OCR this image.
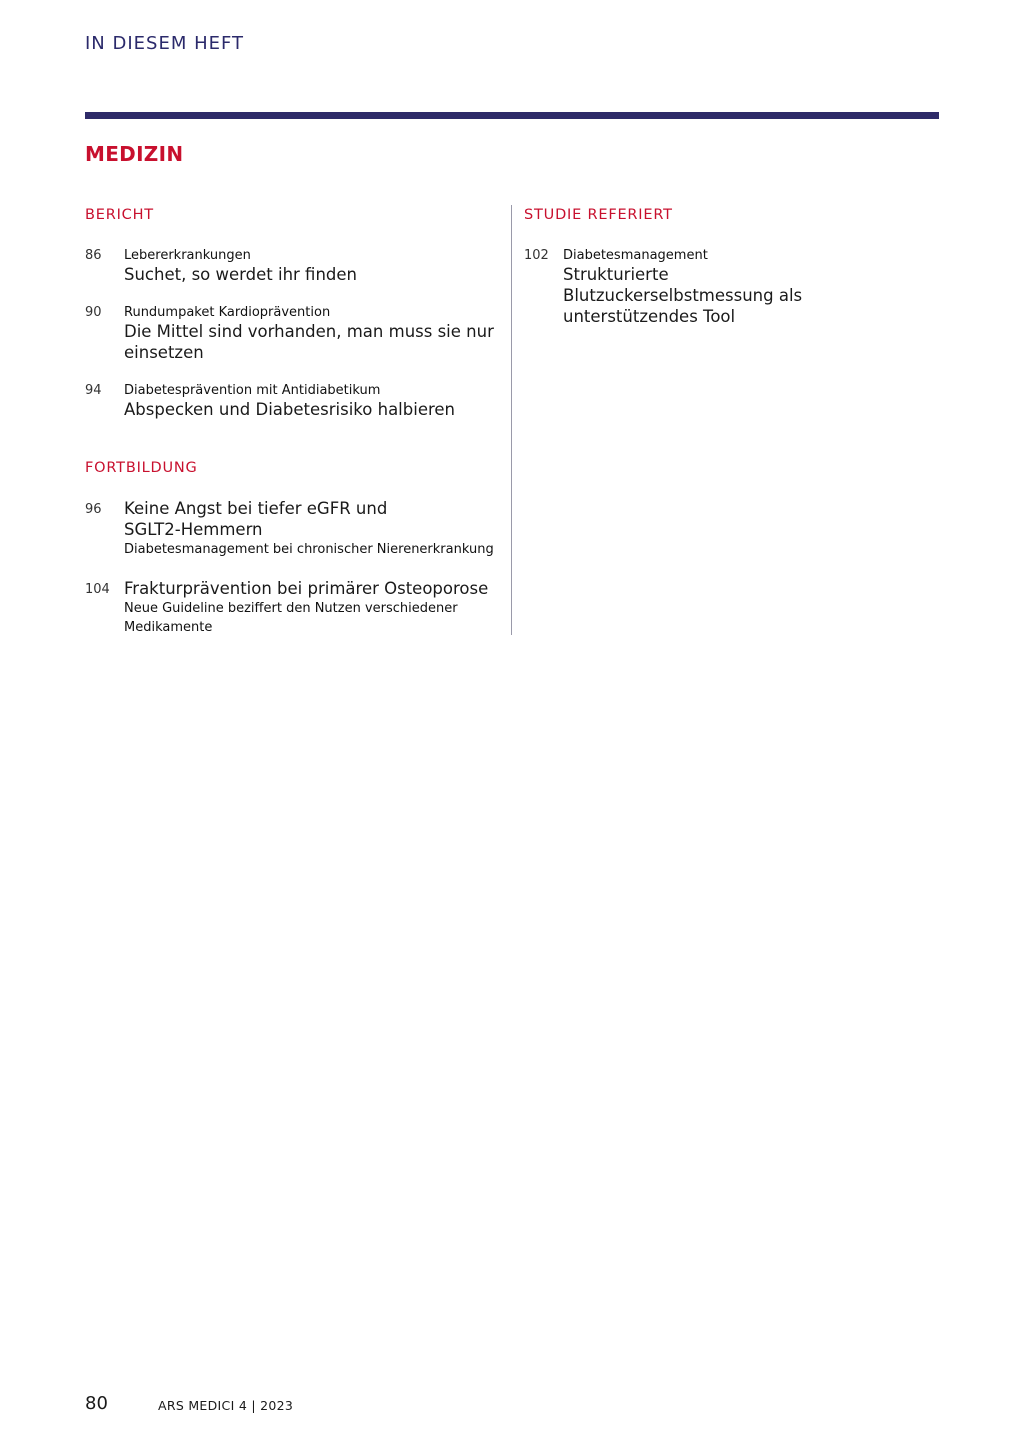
IN DIESEM HEFT
MEDIZIN
BERICHT
86 Lebererkrankungen
Suchet, so werdet ihr finden
90 Rundumpaket Kardioprävention
Die Mittel sind vorhanden, man muss sie nur einsetzen
94 Diabetesprävention mit Antidiabetikum
Abspecken und Diabetesrisiko halbieren
FORTBILDUNG
96 Keine Angst bei tiefer eGFR und SGLT2-Hemmern
Diabetesmanagement bei chronischer Nierenerkrankung
104 Frakturprävention bei primärer Osteoporose
Neue Guideline beziffert den Nutzen verschiedener Medikamente
STUDIE REFERIERT
102 Diabetesmanagement
Strukturierte Blutzuckerselbstmessung als unterstützendes Tool
80	ARS MEDICI 4 | 2023
